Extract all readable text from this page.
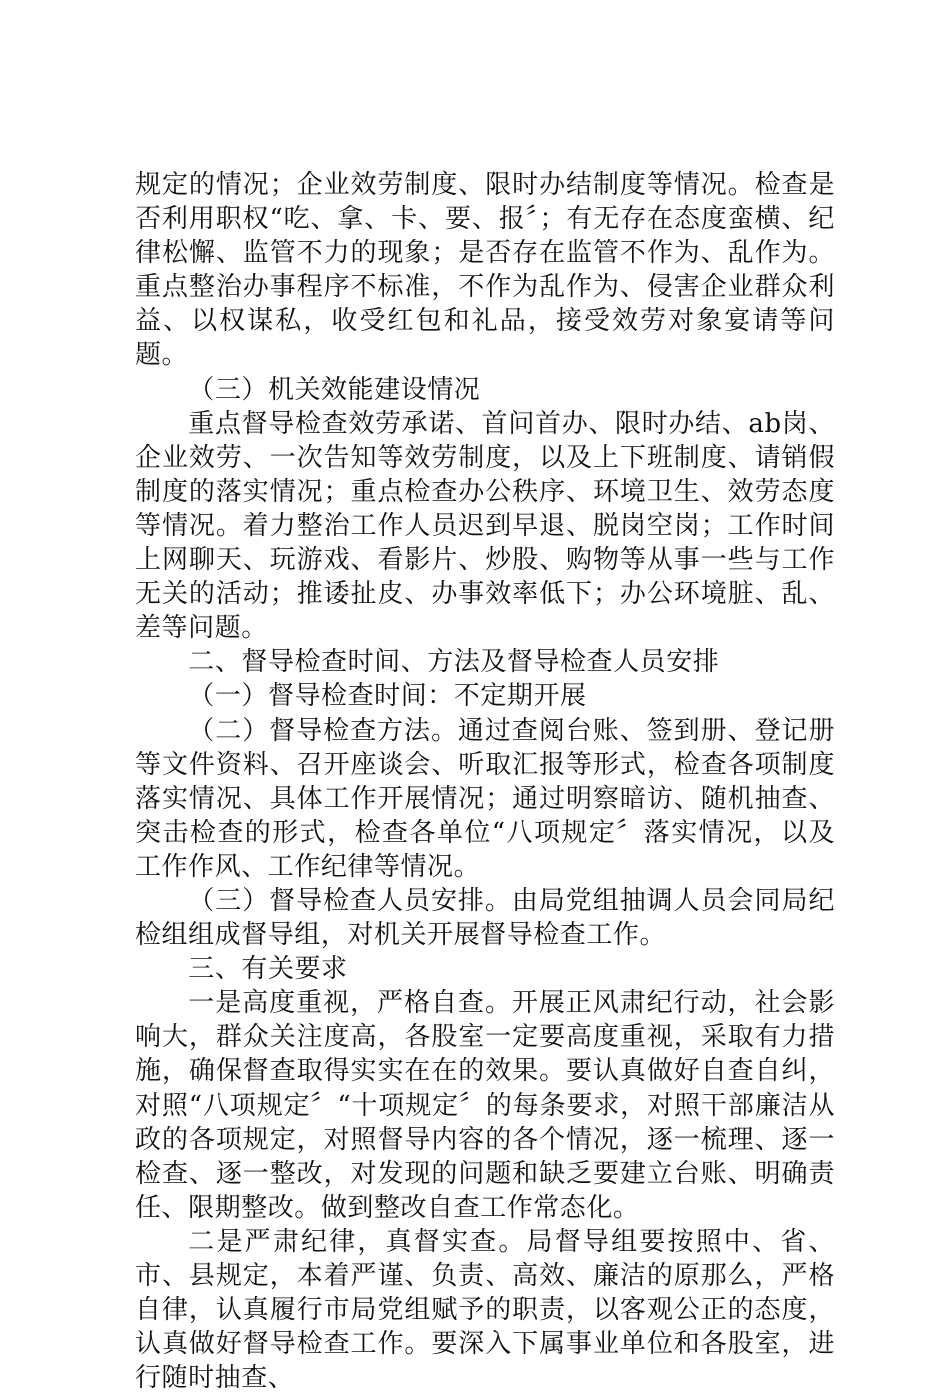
规定的情况；企业效劳制度、限时办结制度等情况。检查是否利用职权“吃、拿、卡、要、报〞；有无存在态度蛮横、纪律松懈、监管不力的现象；是否存在监管不作为、乱作为。重点整治办事程序不标准，不作为乱作为、侵害企业群众利益、以权谋私，收受红包和礼品，接受效劳对象宴请等问题。

（三）机关效能建设情况

重点督导检查效劳承诺、首问首办、限时办结、ab岗、企业效劳、一次告知等效劳制度，以及上下班制度、请销假制度的落实情况；重点检查办公秩序、环境卫生、效劳态度等情况。着力整治工作人员迟到早退、脱岗空岗；工作时间上网聊天、玩游戏、看影片、炒股、购物等从事一些与工作无关的活动；推诿扯皮、办事效率低下；办公环境脏、乱、差等问题。

二、督导检查时间、方法及督导检查人员安排

（一）督导检查时间：不定期开展

（二）督导检查方法。通过查阅台账、签到册、登记册等文件资料、召开座谈会、听取汇报等形式，检查各项制度落实情况、具体工作开展情况；通过明察暗访、随机抽查、突击检查的形式，检查各单位“八项规定〞落实情况，以及工作作风、工作纪律等情况。

（三）督导检查人员安排。由局党组抽调人员会同局纪检组组成督导组，对机关开展督导检查工作。

三、有关要求

一是高度重视，严格自查。开展正风肃纪行动，社会影响大，群众关注度高，各股室一定要高度重视，采取有力措施，确保督查取得实实在在的效果。要认真做好自查自纠，对照“八项规定〞“十项规定〞的每条要求，对照干部廉洁从政的各项规定，对照督导内容的各个情况，逐一梳理、逐一检查、逐一整改，对发现的问题和缺乏要建立台账、明确责任、限期整改。做到整改自查工作常态化。

二是严肃纪律，真督实查。局督导组要按照中、省、市、县规定，本着严谨、负责、高效、廉洁的原那么，严格自律，认真履行市局党组赋予的职责，以客观公正的态度，认真做好督导检查工作。要深入下属事业单位和各股室，进行随时抽查、
